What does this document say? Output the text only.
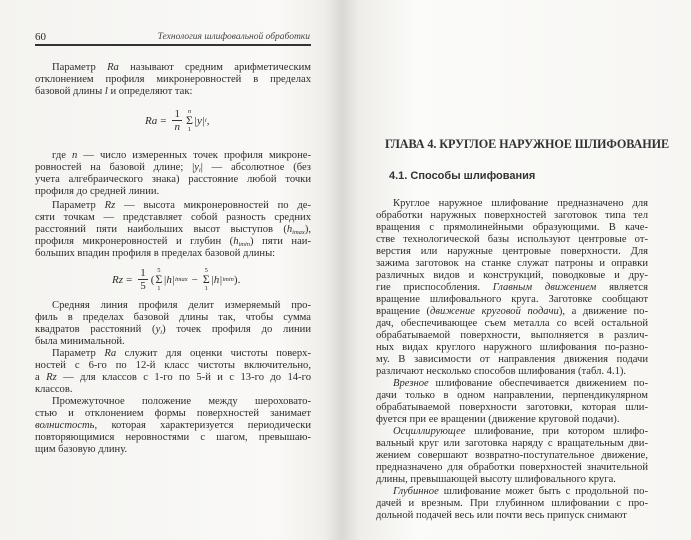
60	Технология шлифовальной обработки
$Ra = \frac{1}{n}$ n
Σ
1
|y| i ,
$Rz = \frac{1}{5}$ (
5
Σ
1
|h| imax −
5
Σ
1
|h| imin ).
Параметр Ra называют средним арифметическим
отклонением профиля микронеровностей в пределах
базовой длины l и определяют так:
где n — число измеренных точек профиля микроне-
ровностей на базовой длине; $|y_i|$ — абсолютное (без
учета алгебраического знака) расстояние любой точки
профиля до средней линии.
Параметр Rz — высота микронеровностей по де-
сяти точкам — представляет собой разность средних
расстояний пяти наибольших высот выступов $(h_{imax})$,
профиля микронеровностей и глубин $(h_{imin})$ пяти наи-
больших впадин профиля в пределах базовой длины:
Средняя линия профиля делит измеряемый про-
филь в пределах базовой длины так, чтобы сумма
квадратов расстояний $(y_i)$ точек профиля до линии
была минимальной.
Параметр Ra служит для оценки чистоты поверх-
ностей с 6-го по 12-й класс чистоты включительно,
а Rz — для классов с 1-го по 5-й и с 13-го до 14-го
классов.
Промежуточное положение между шероховато-
стью и отклонением формы поверхностей занимает
волнистость, которая характеризуется периодически
повторяющимися неровностями с шагом, превышаю-
щим базовую длину.
ГЛАВА 4. КРУГЛОЕ НАРУЖНОЕ ШЛИФОВАНИЕ
4.1. Способы шлифования
Круглое наружное шлифование предназначено для
обработки наружных поверхностей заготовок типа тел
вращения с прямолинейными образующими. В каче-
стве технологической базы используют центровые от-
верстия или наружные центровые поверхности. Для
зажима заготовок на станке служат патроны и оправки
различных видов и конструкций, поводковые и дру-
гие приспособления. Главным движением является
вращение шлифовального круга. Заготовке сообщают
вращение (движение круговой подачи), а движение по-
дач, обеспечивающее съем металла со всей остальной
обрабатываемой поверхности, выполняется в различ-
ных видах круглого наружного шлифования по-разно-
му. В зависимости от направления движения подачи
различают несколько способов шлифования (табл. 4.1).
Врезное шлифование обеспечивается движением по-
дачи только в одном направлении, перпендикулярном
обрабатываемой поверхности заготовки, которая шли-
фуется при ее вращении (движение круговой подачи).
Осциллирующее шлифование, при котором шлифо-
вальный круг или заготовка наряду с вращательным дви-
жением совершают возвратно-поступательное движение,
предназначено для обработки поверхностей значительной
длины, превышающей высоту шлифовального круга.
Глубинное шлифование может быть с продольной по-
дачей и врезным. При глубинном шлифовании с про-
дольной подачей весь или почти весь припуск снимают
